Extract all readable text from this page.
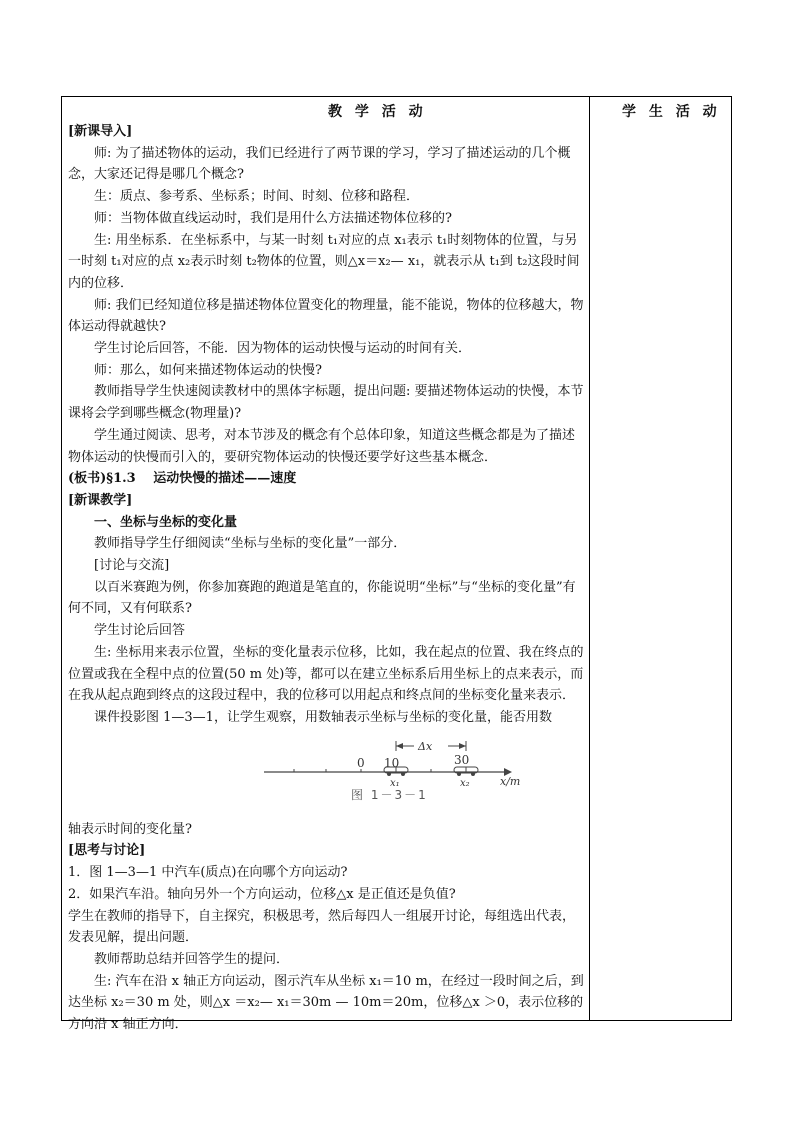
教 学 活 动	学 生 活 动

[新课导入]

师: 为了描述物体的运动，我们已经进行了两节课的学习，学习了描述运动的几个概念，大家还记得是哪几个概念?

生：质点、参考系、坐标系；时间、时刻、位移和路程．

师：当物体做直线运动时，我们是用什么方法描述物体位移的?

生: 用坐标系．在坐标系中，与某一时刻 t₁对应的点 x₁表示 t₁时刻物体的位置，与另一时刻 t₁对应的点 x₂表示时刻 t₂物体的位置，则△x＝x₂— x₁，就表示从 t₁到 t₂这段时间内的位移．

师: 我们已经知道位移是描述物体位置变化的物理量，能不能说，物体的位移越大，物体运动得就越快?

学生讨论后回答，不能．因为物体的运动快慢与运动的时间有关．

师：那么，如何来描述物体运动的快慢?

教师指导学生快速阅读教材中的黑体字标题，提出问题: 要描述物体运动的快慢，本节课将会学到哪些概念(物理量)?

学生通过阅读、思考，对本节涉及的概念有个总体印象，知道这些概念都是为了描述物体运动的快慢而引入的，要研究物体运动的快慢还要学好这些基本概念．

(板书)§1.3　 运动快慢的描述——速度

[新课教学]

一、坐标与坐标的变化量

教师指导学生仔细阅读“坐标与坐标的变化量”一部分．

[讨论与交流]

以百米赛跑为例，你参加赛跑的跑道是笔直的，你能说明“坐标”与“坐标的变化量”有何不同，又有何联系?

学生讨论后回答

生: 坐标用来表示位置，坐标的变化量表示位移，比如，我在起点的位置、我在终点的位置或我在全程中点的位置(50 m 处)等，都可以在建立坐标系后用坐标上的点来表示，而在我从起点跑到终点的这段过程中，我的位移可以用起点和终点间的坐标变化量来表示．

课件投影图 1—3—1，让学生观察，用数轴表示坐标与坐标的变化量，能否用数

Δx
0 10	30
x₁	x₂	x/m
图 1－3－1

轴表示时间的变化量?

[思考与讨论]

1．图 1—3—1 中汽车(质点)在向哪个方向运动?

2．如果汽车沿。轴向另外一个方向运动，位移△x 是正值还是负值?

学生在教师的指导下，自主探究，积极思考，然后每四人一组展开讨论，每组选出代表，发表见解，提出问题．

教师帮助总结并回答学生的提问．

生: 汽车在沿 x 轴正方向运动，图示汽车从坐标 x₁＝10 m，在经过一段时间之后，到达坐标 x₂＝30 m 处，则△x ＝x₂— x₁＝30m — 10m＝20m，位移△x ＞0，表示位移的方向沿 x 轴正方向．
